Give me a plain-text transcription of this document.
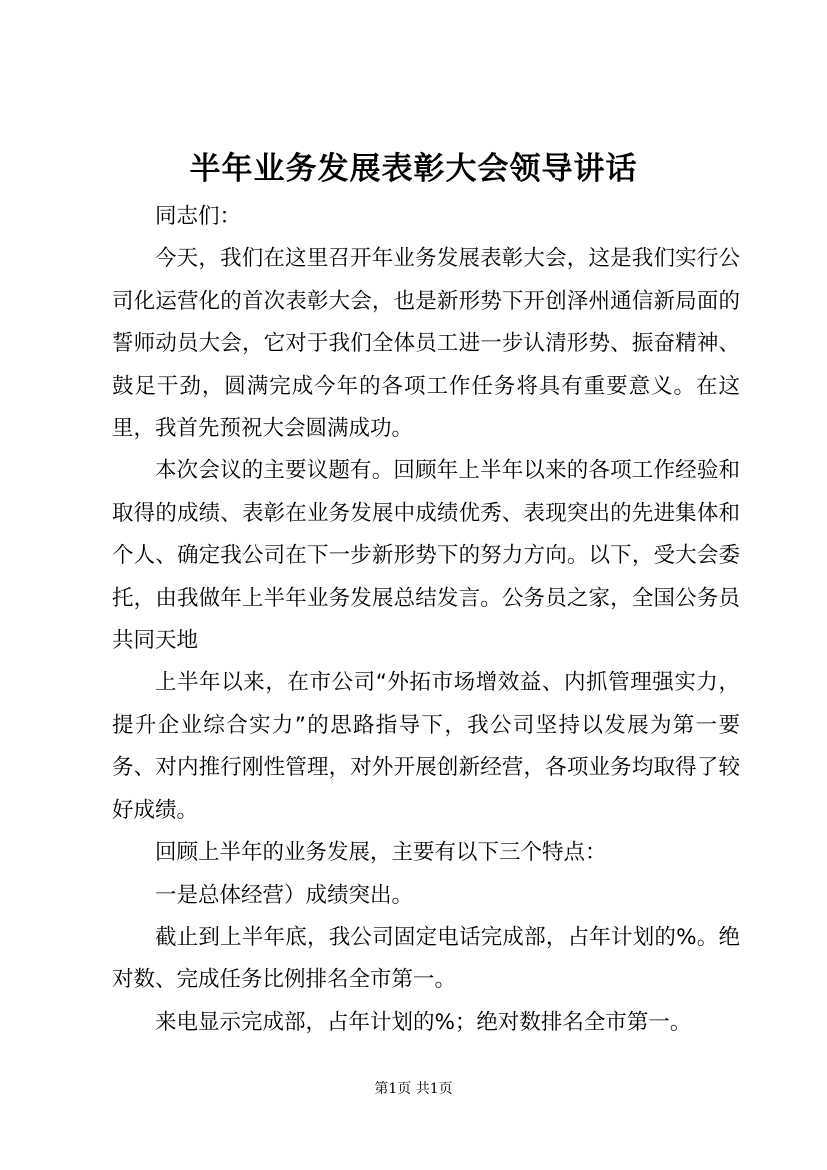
半年业务发展表彰大会领导讲话

同志们：

今天，我们在这里召开年业务发展表彰大会，这是我们实行公司化运营化的首次表彰大会，也是新形势下开创泽州通信新局面的誓师动员大会，它对于我们全体员工进一步认清形势、振奋精神、鼓足干劲，圆满完成今年的各项工作任务将具有重要意义。在这里，我首先预祝大会圆满成功。

本次会议的主要议题有。回顾年上半年以来的各项工作经验和取得的成绩、表彰在业务发展中成绩优秀、表现突出的先进集体和个人、确定我公司在下一步新形势下的努力方向。以下，受大会委托，由我做年上半年业务发展总结发言。公务员之家，全国公务员共同天地

上半年以来，在市公司“外拓市场增效益、内抓管理强实力，提升企业综合实力”的思路指导下，我公司坚持以发展为第一要务、对内推行刚性管理，对外开展创新经营，各项业务均取得了较好成绩。

回顾上半年的业务发展，主要有以下三个特点：

一是总体经营）成绩突出。

截止到上半年底，我公司固定电话完成部，占年计划的%。绝对数、完成任务比例排名全市第一。

来电显示完成部，占年计划的%；绝对数排名全市第一。

第1页 共1页
